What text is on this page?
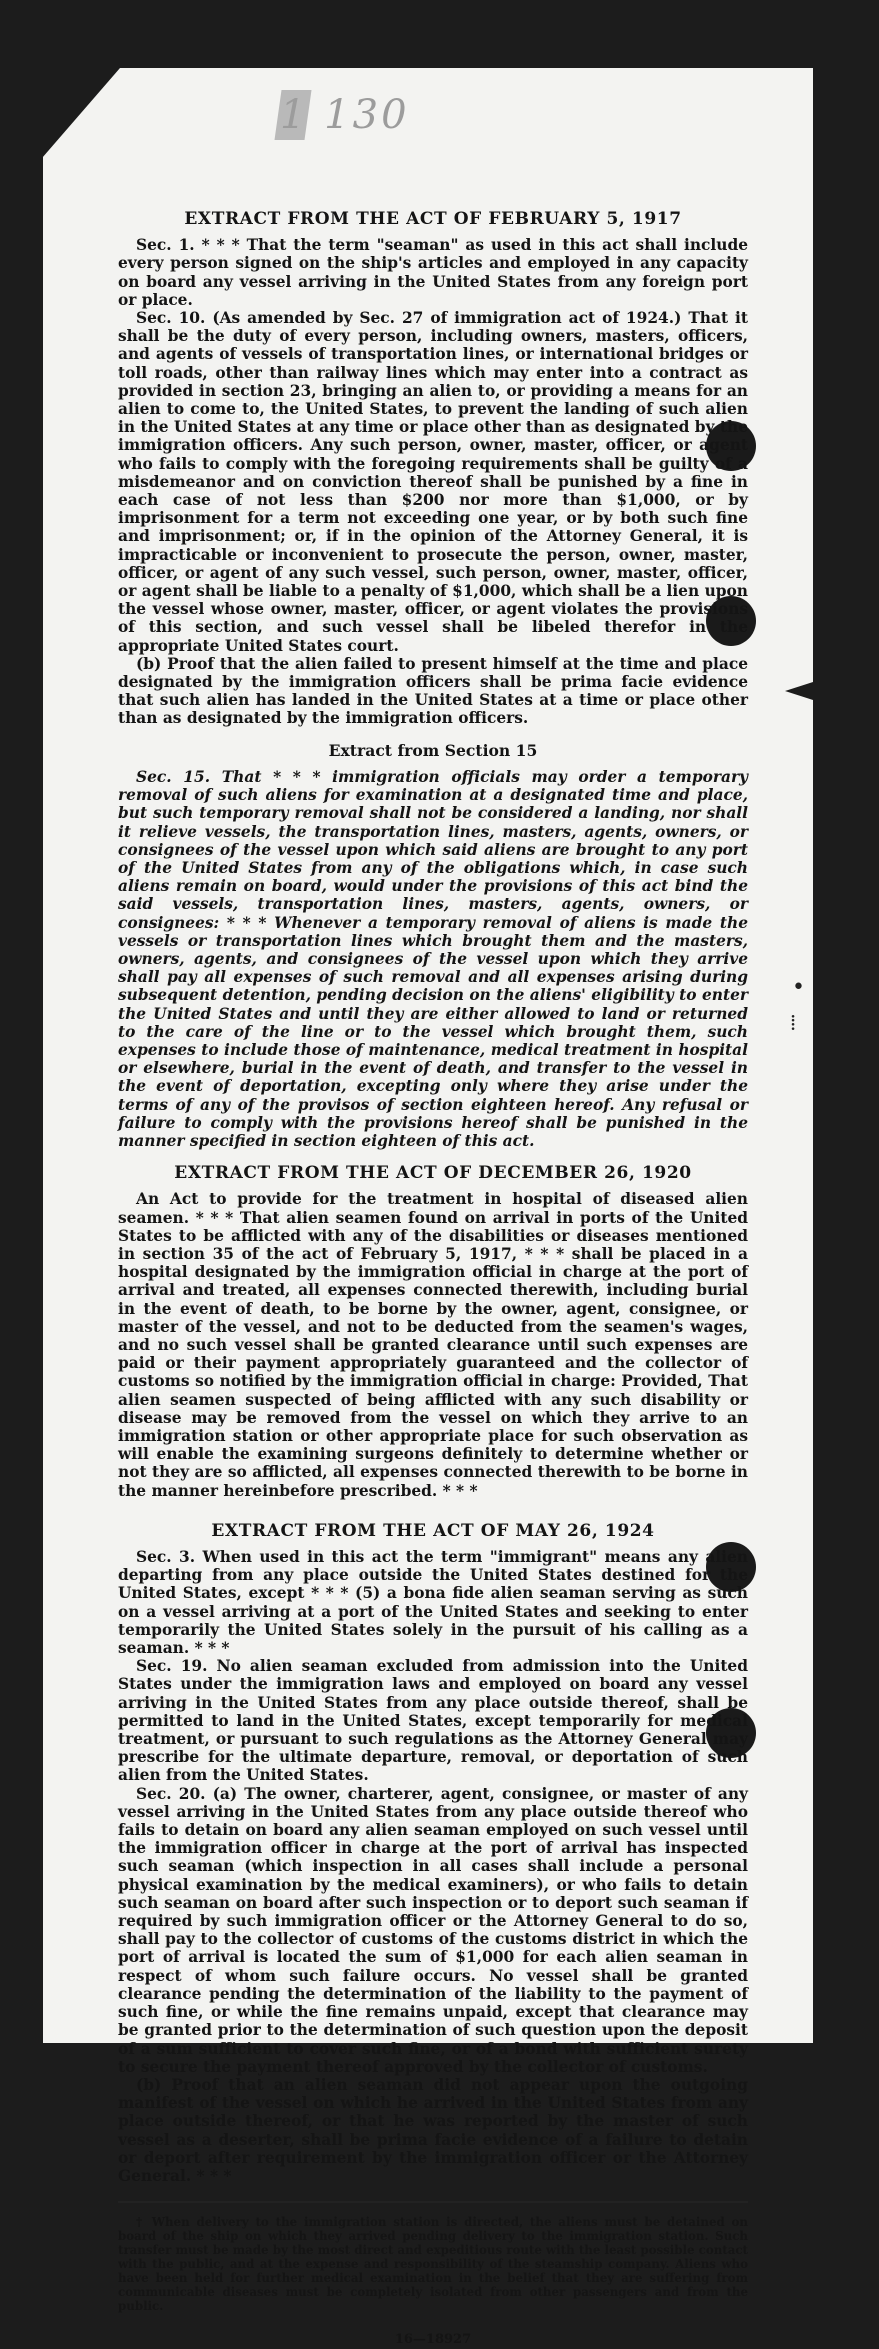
1 130
•
⁞
EXTRACT FROM THE ACT OF FEBRUARY 5, 1917

Sec. 1. * * * That the term "seaman" as used in this act shall include every person signed on the ship's articles and employed in any capacity on board any vessel arriving in the United States from any foreign port or place.

Sec. 10. (As amended by Sec. 27 of immigration act of 1924.) That it shall be the duty of every person, including owners, masters, officers, and agents of vessels of transportation lines, or international bridges or toll roads, other than railway lines which may enter into a contract as provided in section 23, bringing an alien to, or providing a means for an alien to come to, the United States, to prevent the landing of such alien in the United States at any time or place other than as designated by the immigration officers. Any such person, owner, master, officer, or agent who fails to comply with the foregoing requirements shall be guilty of a misdemeanor and on conviction thereof shall be punished by a fine in each case of not less than $200 nor more than $1,000, or by imprisonment for a term not exceeding one year, or by both such fine and imprisonment; or, if in the opinion of the Attorney General, it is impracticable or inconvenient to prosecute the person, owner, master, officer, or agent of any such vessel, such person, owner, master, officer, or agent shall be liable to a penalty of $1,000, which shall be a lien upon the vessel whose owner, master, officer, or agent violates the provisions of this section, and such vessel shall be libeled therefor in the appropriate United States court.

(b) Proof that the alien failed to present himself at the time and place designated by the immigration officers shall be prima facie evidence that such alien has landed in the United States at a time or place other than as designated by the immigration officers.

Extract from Section 15

Sec. 15. That * * * immigration officials may order a temporary removal of such aliens for examination at a designated time and place, but such temporary removal shall not be considered a landing, nor shall it relieve vessels, the transportation lines, masters, agents, owners, or consignees of the vessel upon which said aliens are brought to any port of the United States from any of the obligations which, in case such aliens remain on board, would under the provisions of this act bind the said vessels, transportation lines, masters, agents, owners, or consignees: * * * Whenever a temporary removal of aliens is made the vessels or transportation lines which brought them and the masters, owners, agents, and consignees of the vessel upon which they arrive shall pay all expenses of such removal and all expenses arising during subsequent detention, pending decision on the aliens' eligibility to enter the United States and until they are either allowed to land or returned to the care of the line or to the vessel which brought them, such expenses to include those of maintenance, medical treatment in hospital or elsewhere, burial in the event of death, and transfer to the vessel in the event of deportation, excepting only where they arise under the terms of any of the provisos of section eighteen hereof. Any refusal or failure to comply with the provisions hereof shall be punished in the manner specified in section eighteen of this act.

EXTRACT FROM THE ACT OF DECEMBER 26, 1920

An Act to provide for the treatment in hospital of diseased alien seamen. * * * That alien seamen found on arrival in ports of the United States to be afflicted with any of the disabilities or diseases mentioned in section 35 of the act of February 5, 1917, * * * shall be placed in a hospital designated by the immigration official in charge at the port of arrival and treated, all expenses connected therewith, including burial in the event of death, to be borne by the owner, agent, consignee, or master of the vessel, and not to be deducted from the seamen's wages, and no such vessel shall be granted clearance until such expenses are paid or their payment appropriately guaranteed and the collector of customs so notified by the immigration official in charge: Provided, That alien seamen suspected of being afflicted with any such disability or disease may be removed from the vessel on which they arrive to an immigration station or other appropriate place for such observation as will enable the examining surgeons definitely to determine whether or not they are so afflicted, all expenses connected therewith to be borne in the manner hereinbefore prescribed. * * *

EXTRACT FROM THE ACT OF MAY 26, 1924

Sec. 3. When used in this act the term "immigrant" means any alien departing from any place outside the United States destined for the United States, except * * * (5) a bona fide alien seaman serving as such on a vessel arriving at a port of the United States and seeking to enter temporarily the United States solely in the pursuit of his calling as a seaman. * * *

Sec. 19. No alien seaman excluded from admission into the United States under the immigration laws and employed on board any vessel arriving in the United States from any place outside thereof, shall be permitted to land in the United States, except temporarily for medical treatment, or pursuant to such regulations as the Attorney General may prescribe for the ultimate departure, removal, or deportation of such alien from the United States.

Sec. 20. (a) The owner, charterer, agent, consignee, or master of any vessel arriving in the United States from any place outside thereof who fails to detain on board any alien seaman employed on such vessel until the immigration officer in charge at the port of arrival has inspected such seaman (which inspection in all cases shall include a personal physical examination by the medical examiners), or who fails to detain such seaman on board after such inspection or to deport such seaman if required by such immigration officer or the Attorney General to do so, shall pay to the collector of customs of the customs district in which the port of arrival is located the sum of $1,000 for each alien seaman in respect of whom such failure occurs. No vessel shall be granted clearance pending the determination of the liability to the payment of such fine, or while the fine remains unpaid, except that clearance may be granted prior to the determination of such question upon the deposit of a sum sufficient to cover such fine, or of a bond with sufficient surety to secure the payment thereof approved by the collector of customs.

(b) Proof that an alien seaman did not appear upon the outgoing manifest of the vessel on which he arrived in the United States from any place outside thereof, or that he was reported by the master of such vessel as a deserter, shall be prima facie evidence of a failure to detain or deport after requirement by the immigration officer or the Attorney General. * * *

† When delivery to the immigration station is directed, the aliens must be detained on board of the ship on which they arrived pending delivery to the immigration station. Such transfer must be made by the most direct and expeditious route with the least possible contact with the public, and at the expense and responsibility of the steamship company. Aliens who have been held for further medical examination in the belief that they are suffering from communicable diseases must be completely isolated from other passengers and from the public.

16—18927
